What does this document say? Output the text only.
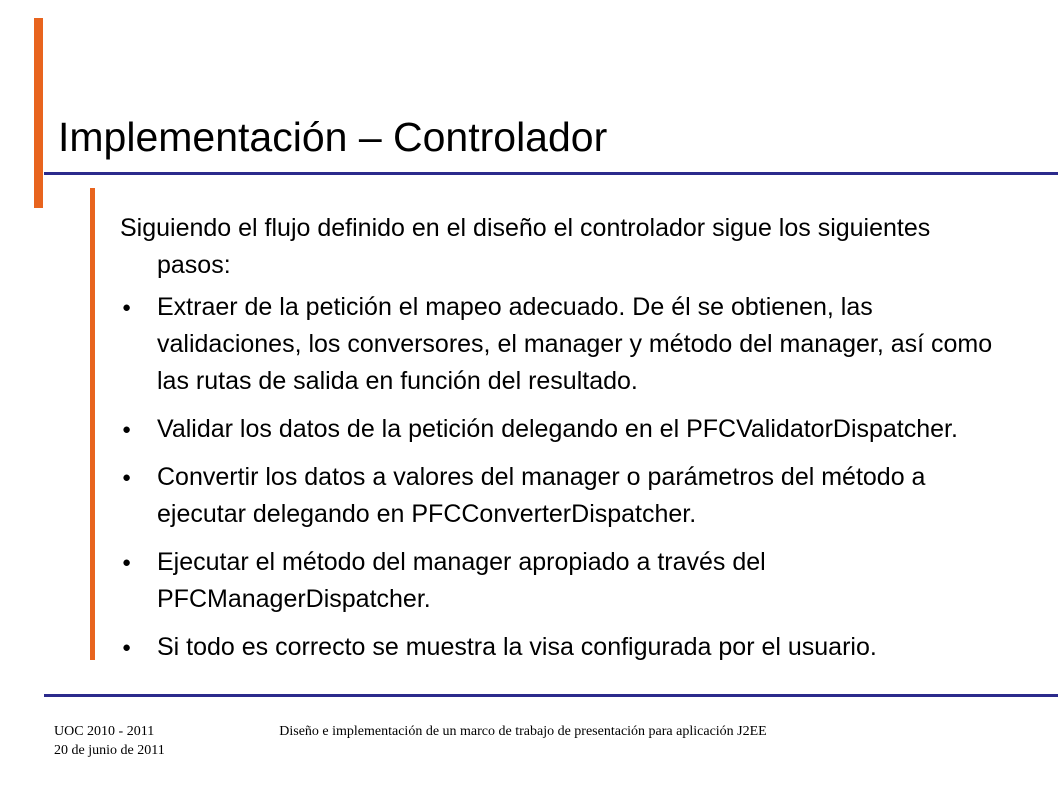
Implementación – Controlador

Siguiendo el flujo definido en el diseño el controlador sigue los siguientes pasos:

● Extraer de la petición el mapeo adecuado. De él se obtienen, las validaciones, los conversores, el manager y método del manager, así como las rutas de salida en función del resultado.
● Validar los datos de la petición delegando en el PFCValidatorDispatcher.
● Convertir los datos a valores del manager o parámetros del método a ejecutar delegando en PFCConverterDispatcher.
● Ejecutar el método del manager apropiado a través del PFCManagerDispatcher.
● Si todo es correcto se muestra la visa configurada por el usuario.
UOC 2010 - 2011
20 de junio de 2011
Diseño e implementación de un marco de trabajo de presentación para aplicación J2EE
